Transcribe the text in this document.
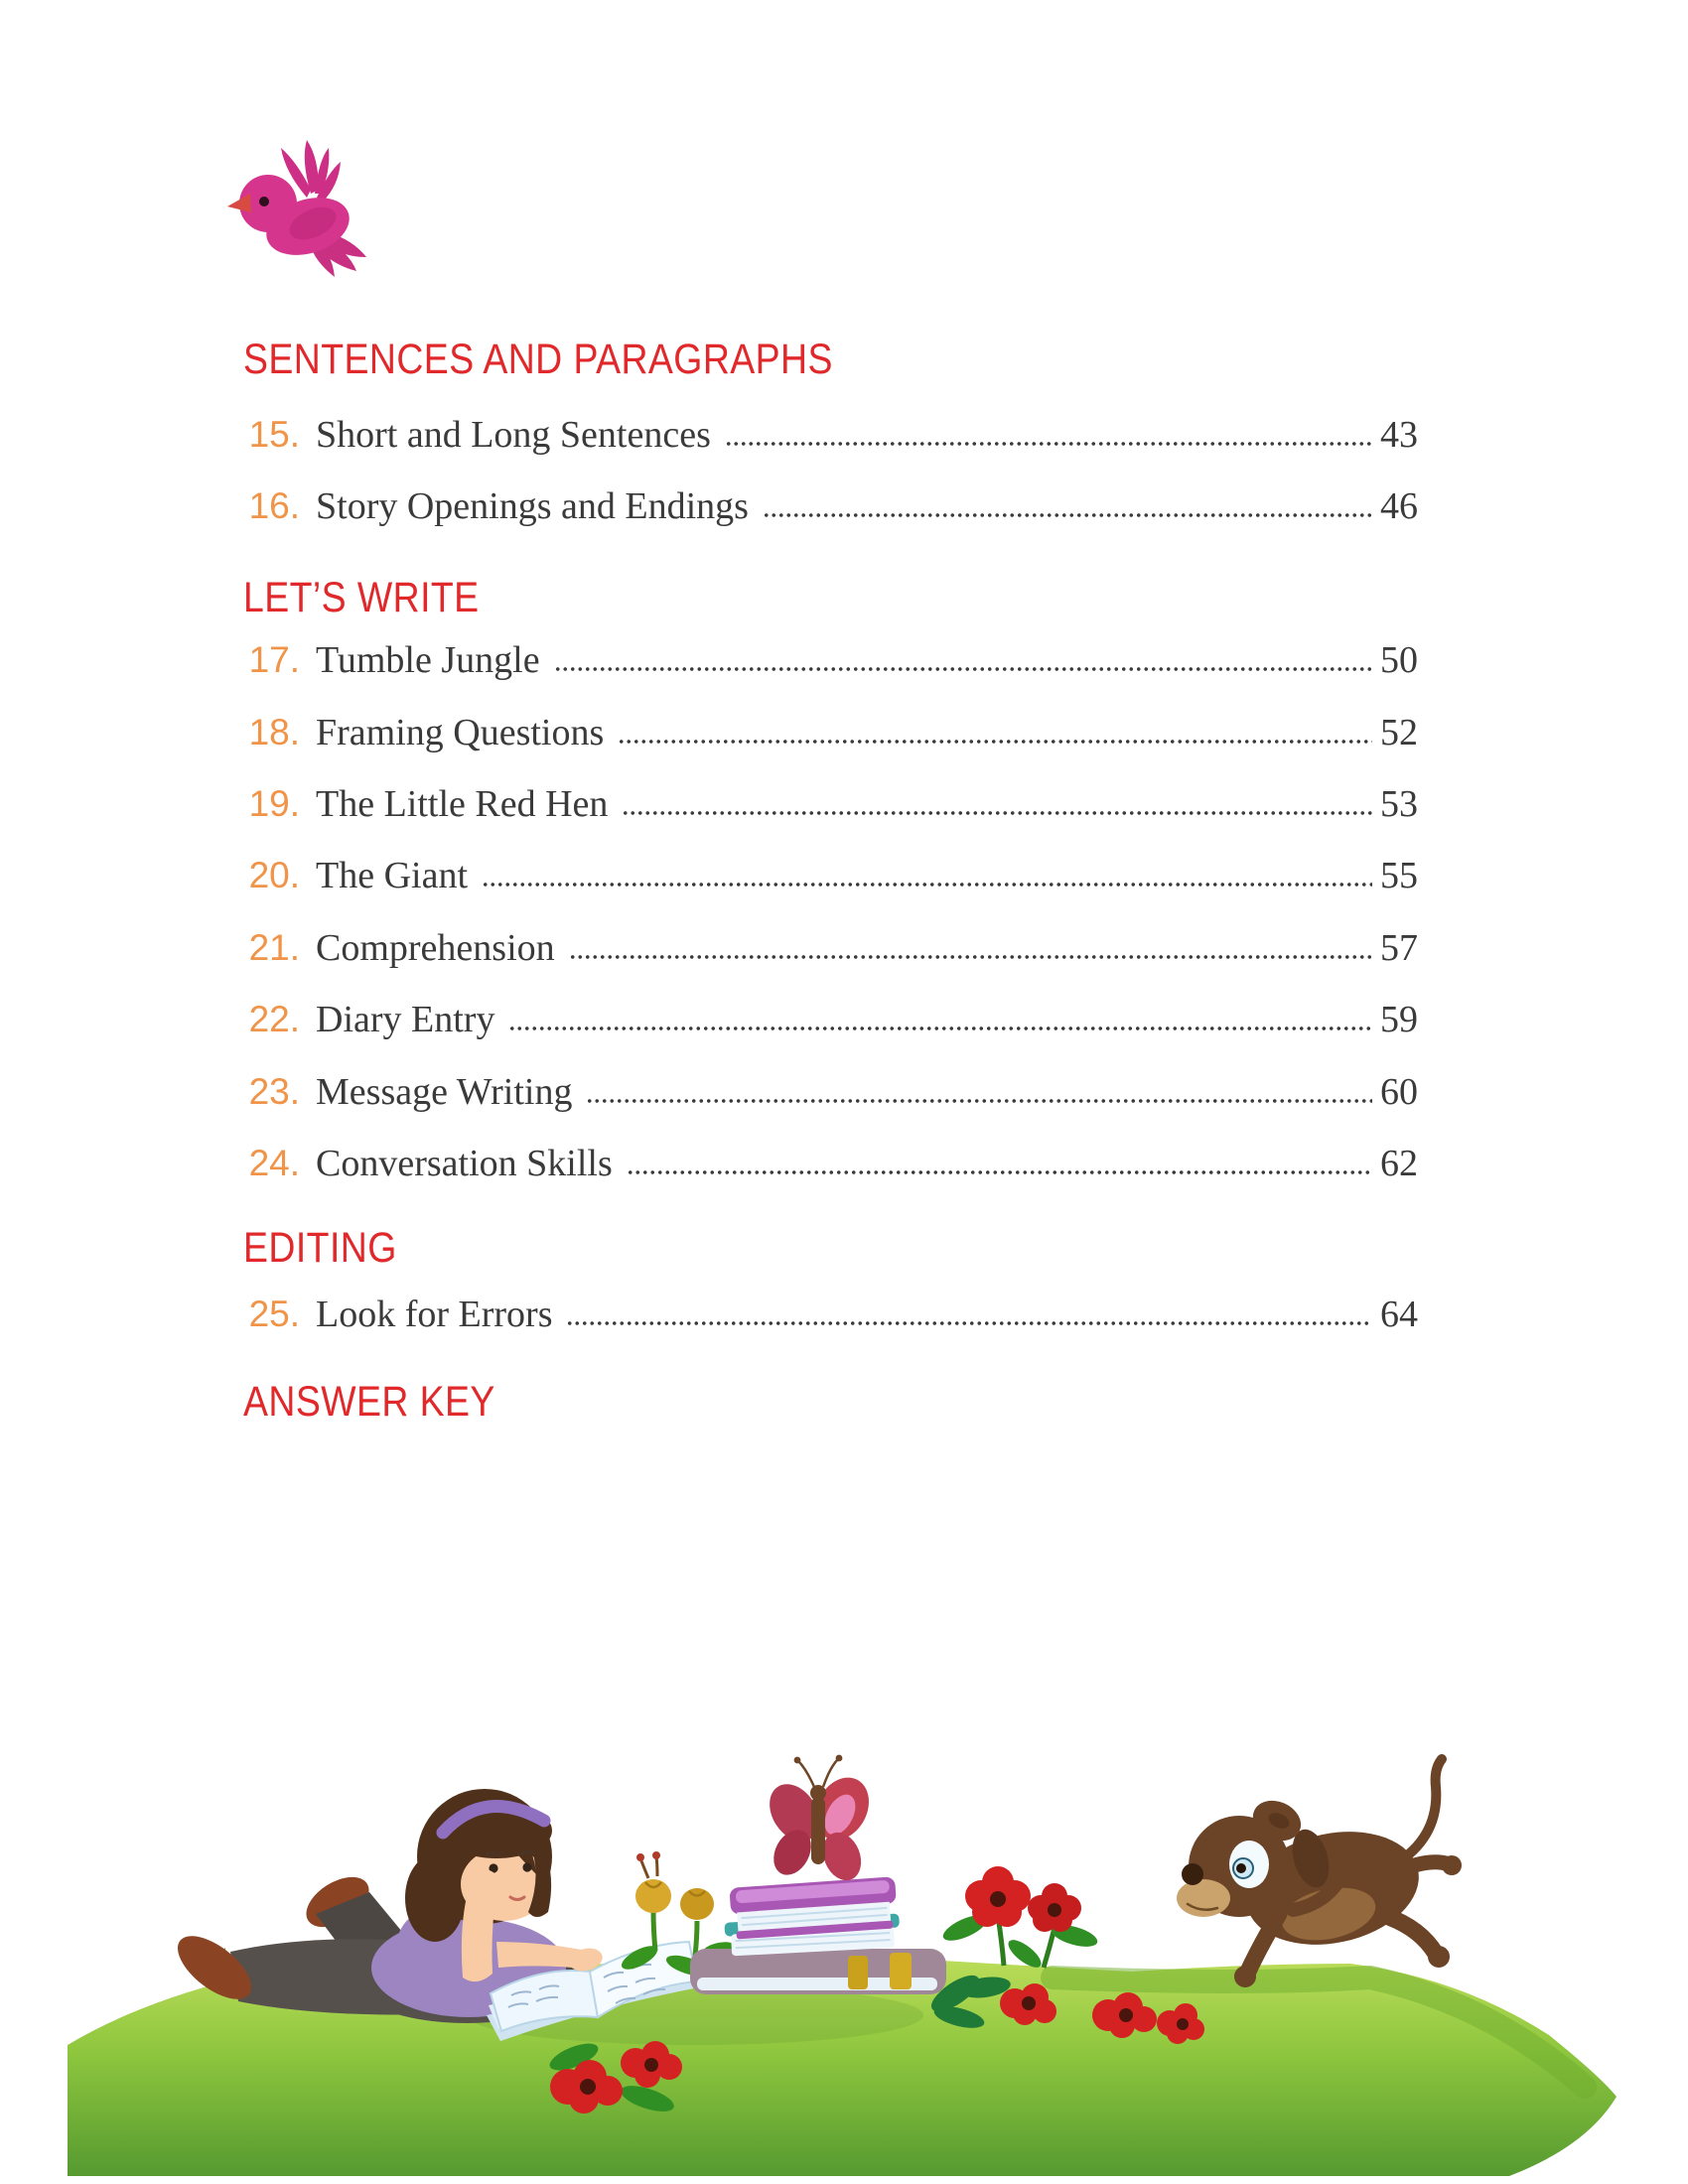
SENTENCES AND PARAGRAPHS
15. Short and Long Sentences	43
16. Story Openings and Endings	46
17. Tumble Jungle	50
18. Framing Questions	52
19. The Little Red Hen	53
20. The Giant	55
21. Comprehension	57
22. Diary Entry	59
23. Message Writing	60
24. Conversation Skills	62
25. Look for Errors	64
LET’S WRITE
EDITING
ANSWER KEY
